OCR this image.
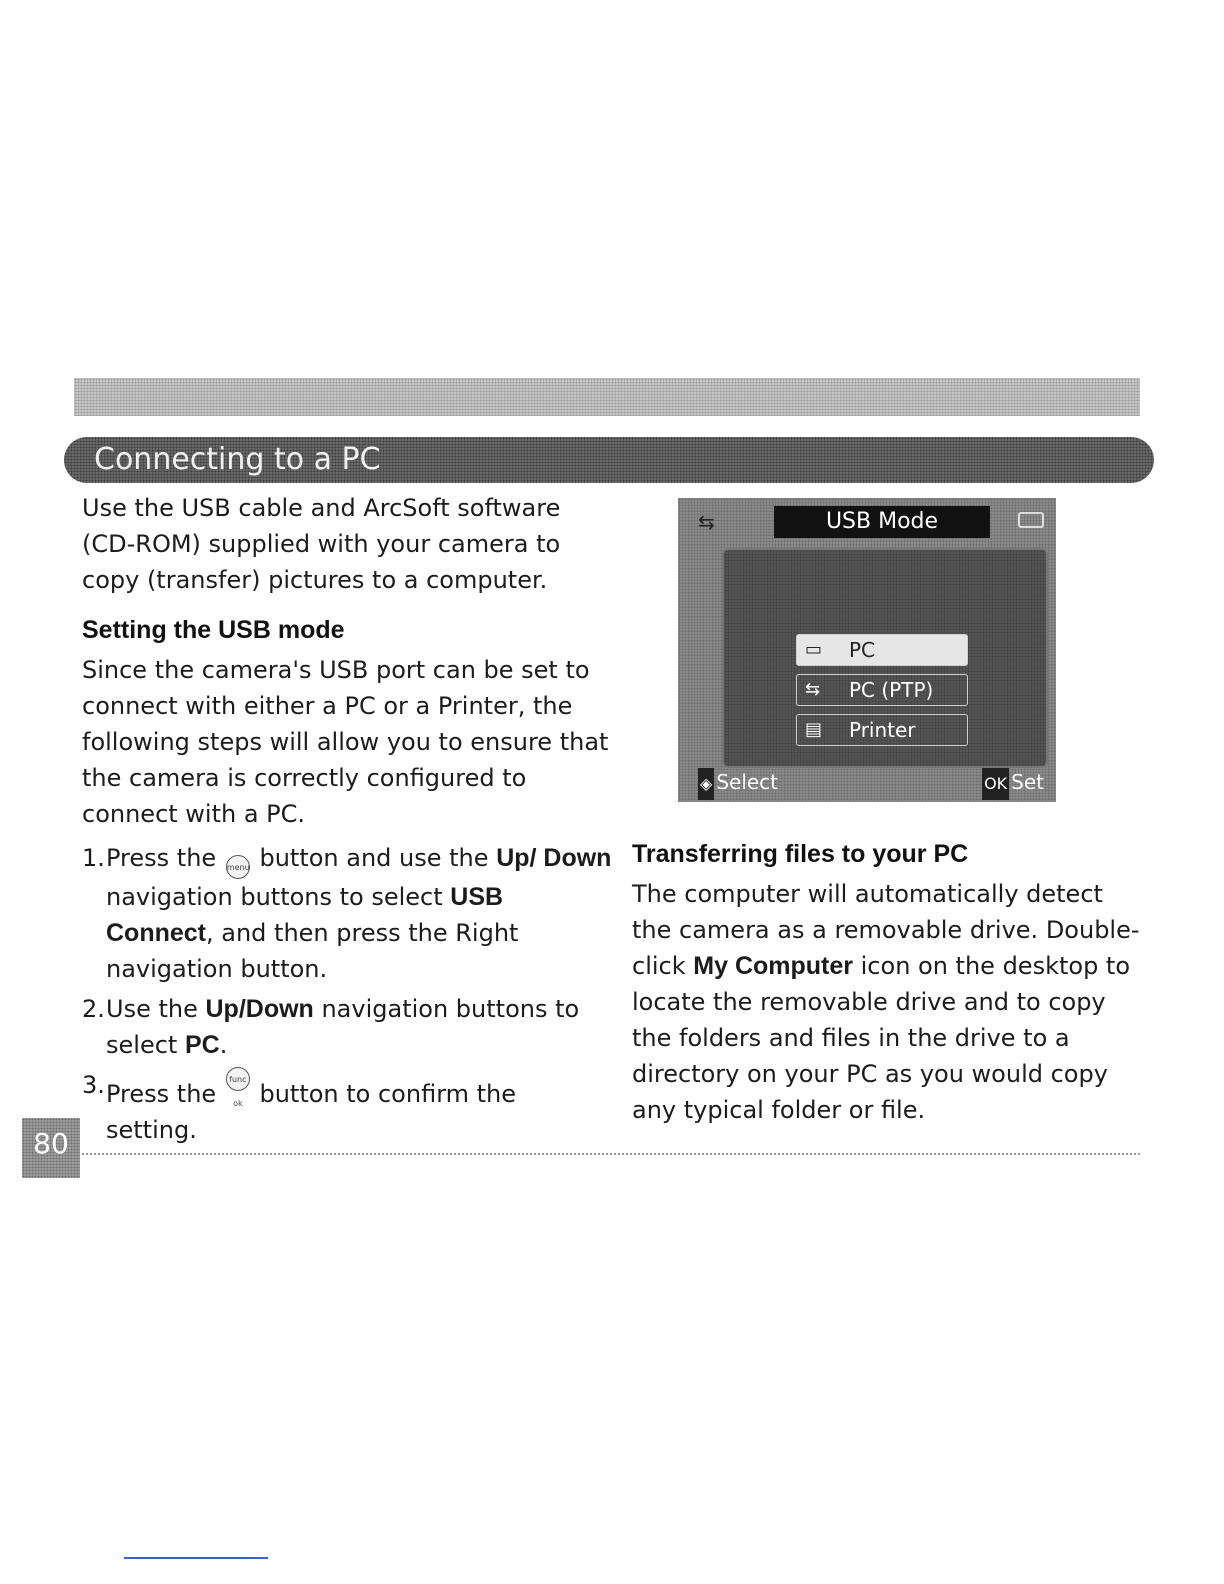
Connecting to a PC

Use the USB cable and ArcSoft software (CD-ROM) supplied with your camera to copy (transfer) pictures to a computer.

Setting the USB mode

Since the camera's USB port can be set to connect with either a PC or a Printer, the following steps will allow you to ensure that the camera is correctly configured to connect with a PC.

1. Press the menu button and use the Up/ Down navigation buttons to select USB Connect, and then press the Right navigation button.
2. Use the Up/Down navigation buttons to select PC.
3. Press the func ok button to confirm the setting.
⇆	USB Mode
▭ PC
⇆ PC (PTP)
▤ Printer
◈ Select	OK Set
Transferring files to your PC

The computer will automatically detect the camera as a removable drive. Double-click My Computer icon on the desktop to locate the removable drive and to copy the folders and files in the drive to a directory on your PC as you would copy any typical folder or file.

80
